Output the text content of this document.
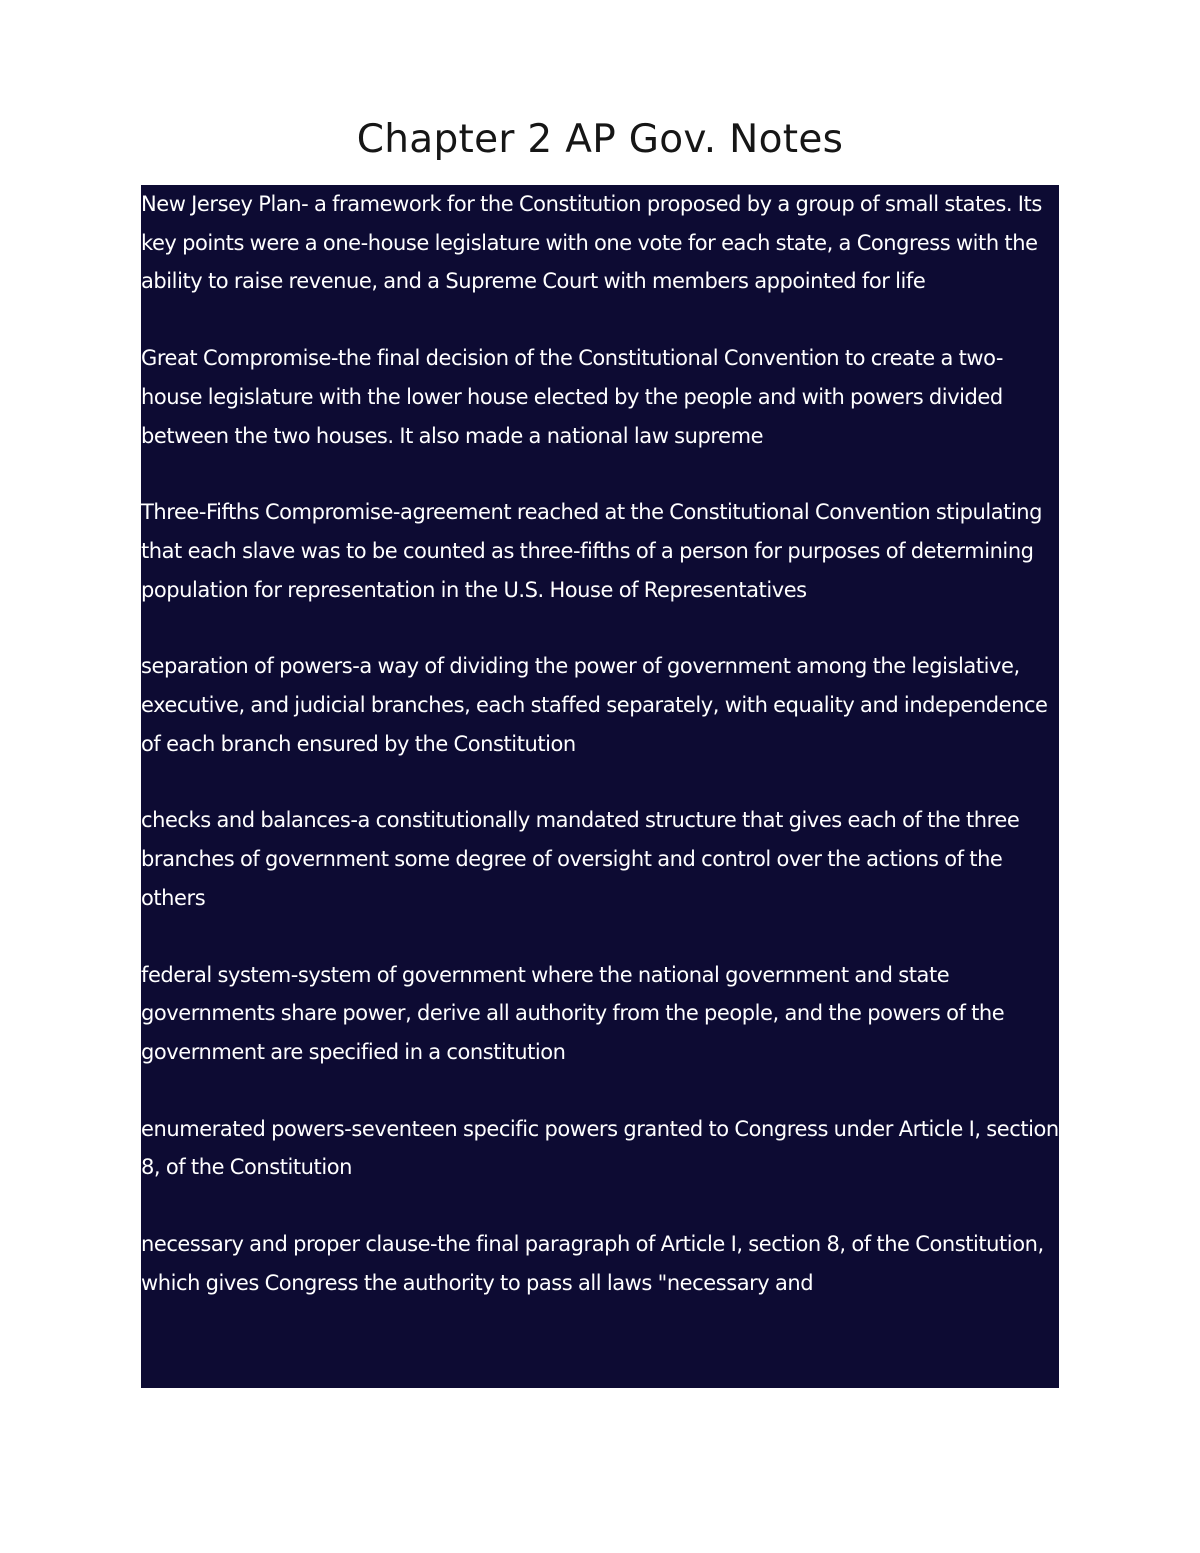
Chapter 2 AP Gov. Notes
New Jersey Plan- a framework for the Constitution proposed by a group of small states. Its key points were a one-house legislature with one vote for each state, a Congress with the ability to raise revenue, and a Supreme Court with members appointed for life
Great Compromise-the final decision of the Constitutional Convention to create a two-house legislature with the lower house elected by the people and with powers divided between the two houses. It also made a national law supreme
Three-Fifths Compromise-agreement reached at the Constitutional Convention stipulating that each slave was to be counted as three-fifths of a person for purposes of determining population for representation in the U.S. House of Representatives
separation of powers-a way of dividing the power of government among the legislative, executive, and judicial branches, each staffed separately, with equality and independence of each branch ensured by the Constitution
checks and balances-a constitutionally mandated structure that gives each of the three branches of government some degree of oversight and control over the actions of the others
federal system-system of government where the national government and state governments share power, derive all authority from the people, and the powers of the government are specified in a constitution
enumerated powers-seventeen specific powers granted to Congress under Article I, section 8, of the Constitution
necessary and proper clause-the final paragraph of Article I, section 8, of the Constitution, which gives Congress the authority to pass all laws "necessary and
